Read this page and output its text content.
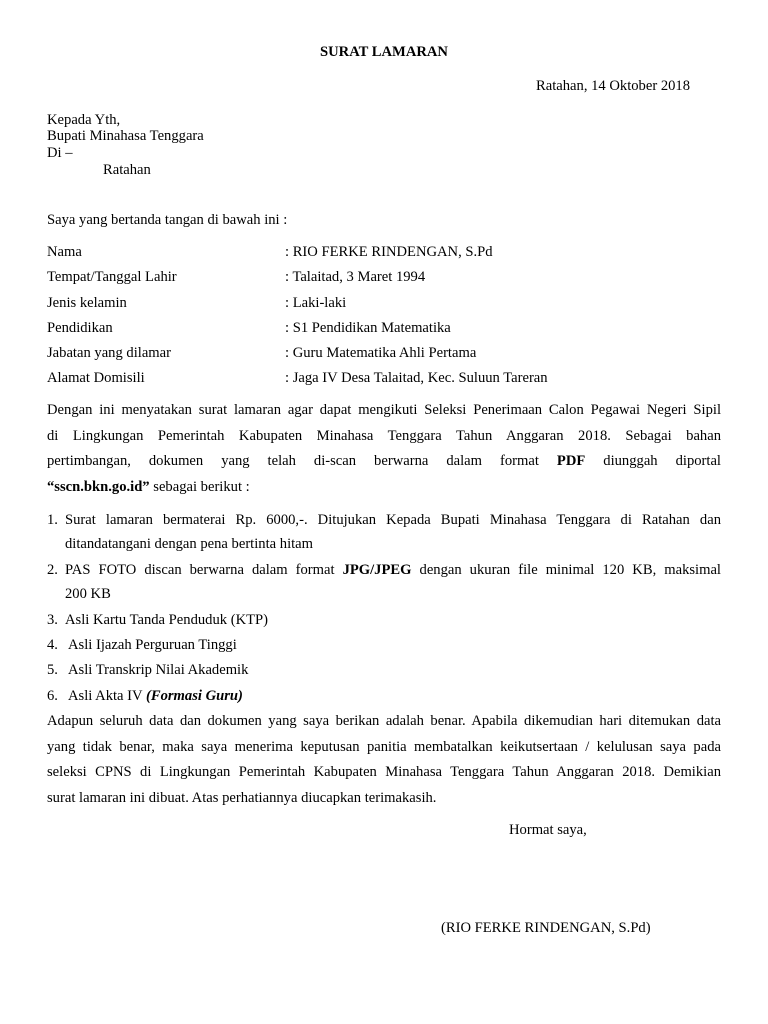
SURAT LAMARAN
Ratahan, 14 Oktober 2018
Kepada Yth,
Bupati Minahasa Tenggara
Di –
Ratahan
Saya yang bertanda tangan di bawah ini :
Nama	: RIO FERKE RINDENGAN, S.Pd
Tempat/Tanggal Lahir	: Talaitad, 3 Maret 1994
Jenis kelamin	: Laki-laki
Pendidikan	: S1 Pendidikan Matematika
Jabatan yang dilamar	: Guru Matematika Ahli Pertama
Alamat Domisili	: Jaga IV Desa Talaitad, Kec. Suluun Tareran
Dengan ini menyatakan surat lamaran agar dapat mengikuti Seleksi Penerimaan Calon Pegawai Negeri Sipil
di Lingkungan Pemerintah Kabupaten Minahasa Tenggara Tahun Anggaran 2018. Sebagai bahan
pertimbangan, dokumen yang telah di-scan berwarna dalam format PDF diunggah diportal
“sscn.bkn.go.id” sebagai berikut :
1. Surat lamaran bermaterai Rp. 6000,-. Ditujukan Kepada Bupati Minahasa Tenggara di Ratahan dan
ditandatangani dengan pena bertinta hitam
2. PAS FOTO discan berwarna dalam format JPG/JPEG dengan ukuran file minimal 120 KB, maksimal
200 KB
3. Asli Kartu Tanda Penduduk (KTP)
4. Asli Ijazah Perguruan Tinggi
5. Asli Transkrip Nilai Akademik
6. Asli Akta IV (Formasi Guru)
Adapun seluruh data dan dokumen yang saya berikan adalah benar. Apabila dikemudian hari ditemukan data
yang tidak benar, maka saya menerima keputusan panitia membatalkan keikutsertaan / kelulusan saya pada
seleksi CPNS di Lingkungan Pemerintah Kabupaten Minahasa Tenggara Tahun Anggaran 2018. Demikian
surat lamaran ini dibuat. Atas perhatiannya diucapkan terimakasih.
Hormat saya,
(RIO FERKE RINDENGAN, S.Pd)
